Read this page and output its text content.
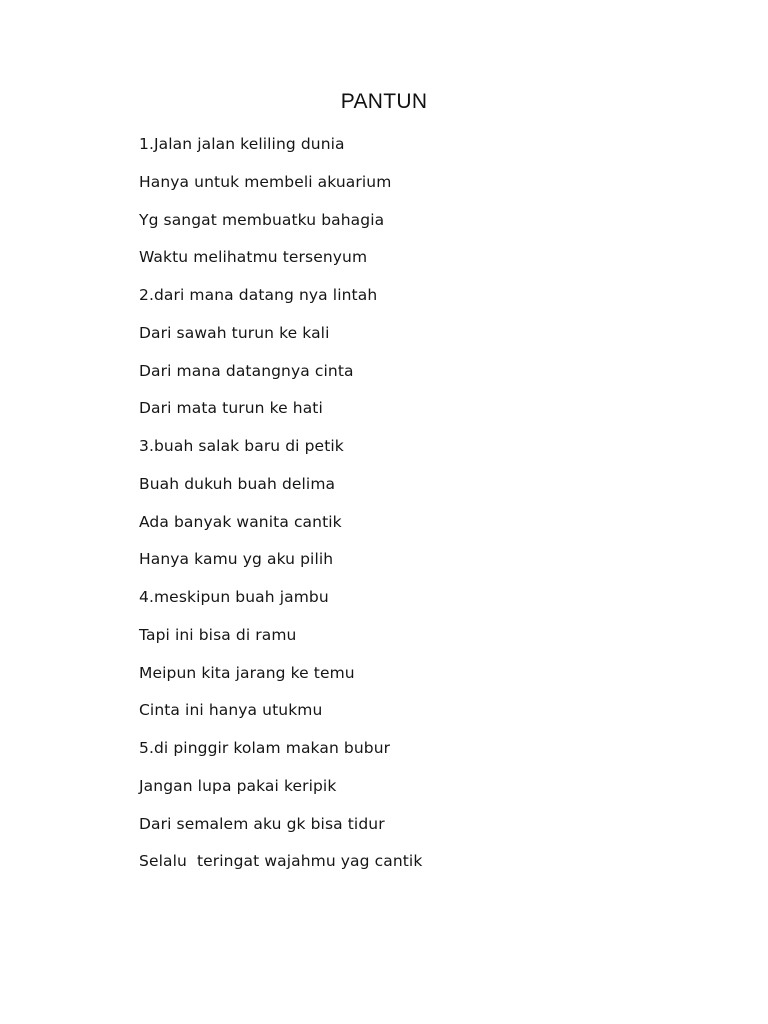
PANTUN
1.Jalan jalan keliling dunia
Hanya untuk membeli akuarium
Yg sangat membuatku bahagia
Waktu melihatmu tersenyum
2.dari mana datang nya lintah
Dari sawah turun ke kali
Dari mana datangnya cinta
Dari mata turun ke hati
3.buah salak baru di petik
Buah dukuh buah delima
Ada banyak wanita cantik
Hanya kamu yg aku pilih
4.meskipun buah jambu
Tapi ini bisa di ramu
Meipun kita jarang ke temu
Cinta ini hanya utukmu
5.di pinggir kolam makan bubur
Jangan lupa pakai keripik
Dari semalem aku gk bisa tidur
Selalu  teringat wajahmu yag cantik
